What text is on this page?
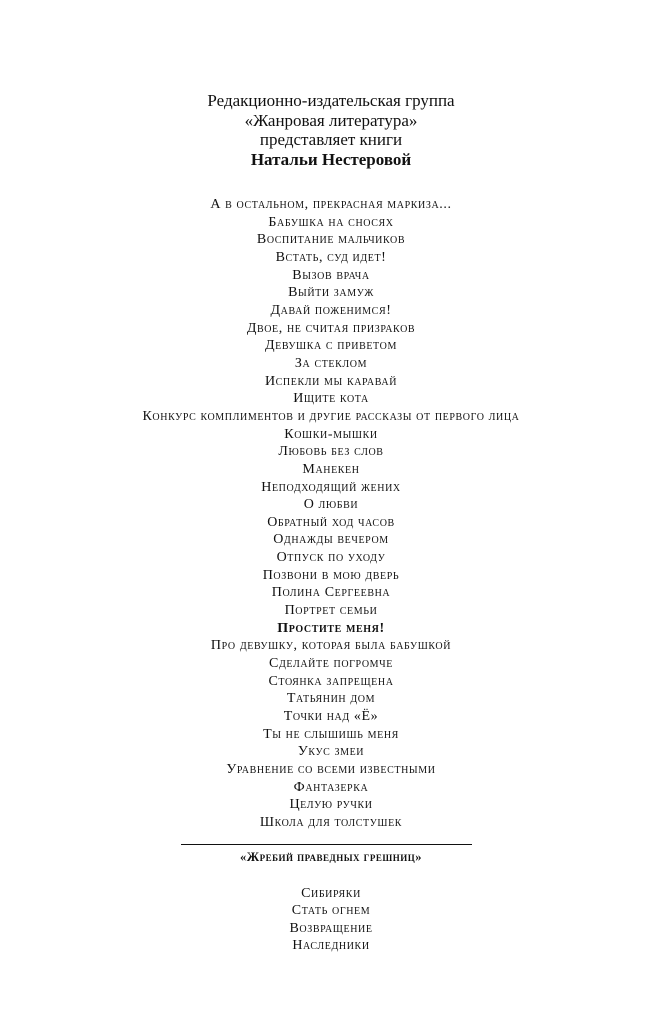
Редакционно-издательская группа
«Жанровая литература»
представляет книги
Натальи Нестеровой
А в остальном, прекрасная маркиза...
Бабушка на сносях
Воспитание мальчиков
Встать, суд идет!
Вызов врача
Выйти замуж
Давай поженимся!
Двое, не считая призраков
Девушка с приветом
За стеклом
Испекли мы каравай
Ищите кота
Конкурс комплиментов и другие рассказы от первого лица
Кошки-мышки
Любовь без слов
Манекен
Неподходящий жених
О любви
Обратный ход часов
Однажды вечером
Отпуск по уходу
Позвони в мою дверь
Полина Сергеевна
Портрет семьи
Простите меня!
Про девушку, которая была бабушкой
Сделайте погромче
Стоянка запрещена
Татьянин дом
Точки над «Ё»
Ты не слышишь меня
Укус змеи
Уравнение со всеми известными
Фантазерка
Целую ручки
Школа для толстушек
«Жребий праведных грешниц»
Сибиряки
Стать огнем
Возвращение
Наследники
